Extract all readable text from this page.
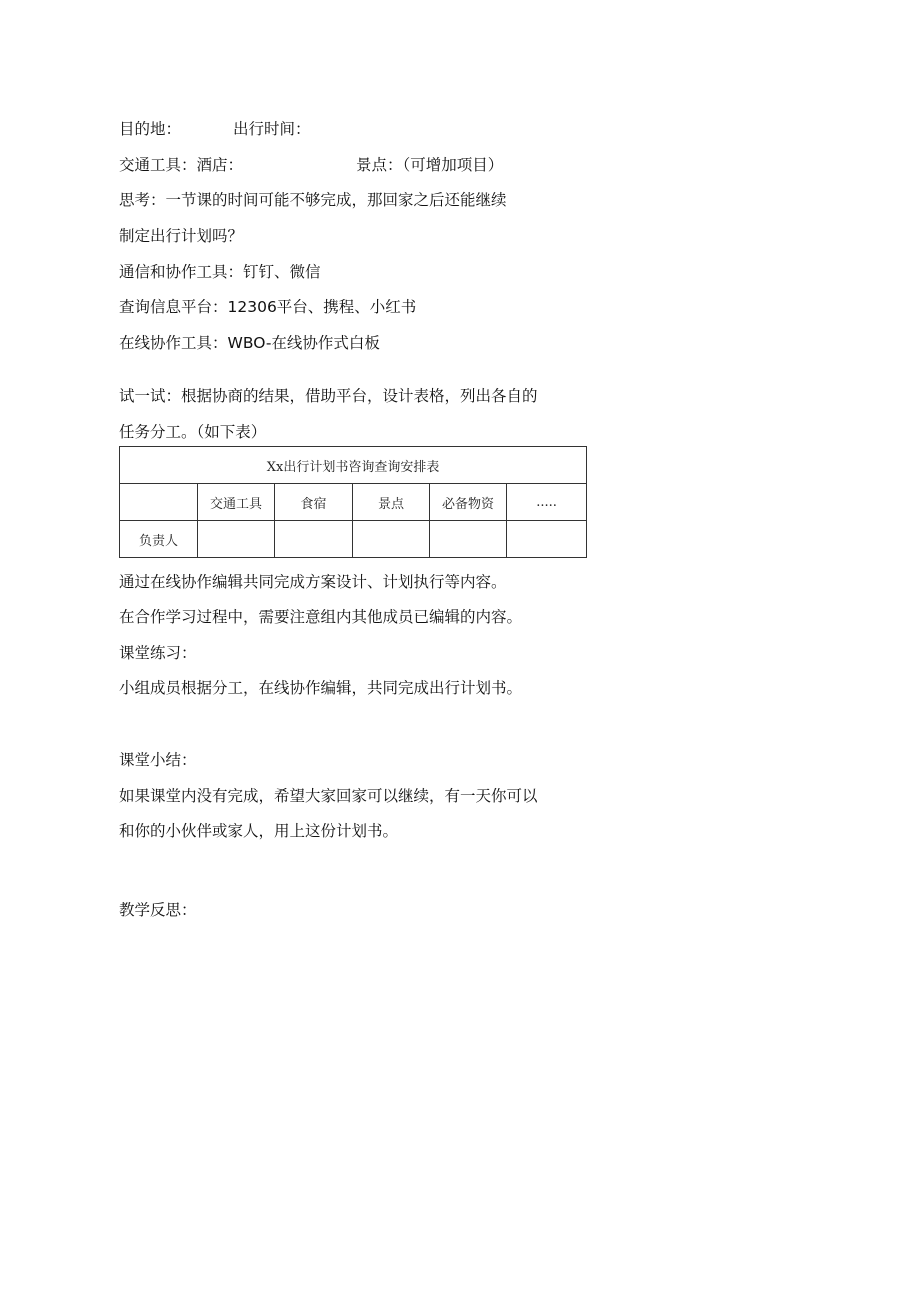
目的地：	出行时间：
交通工具：酒店：	景点：（可增加项目）
思考：一节课的时间可能不够完成，那回家之后还能继续
制定出行计划吗？
通信和协作工具：钉钉、微信
查询信息平台：12306平台、携程、小红书
在线协作工具：WBO-在线协作式白板
试一试：根据协商的结果，借助平台，设计表格，列出各自的
任务分工。（如下表）
Xx出行计划书咨询查询安排表					
	交通工具	食宿	景点	必备物资	.....
负责人					
通过在线协作编辑共同完成方案设计、计划执行等内容。
在合作学习过程中，需要注意组内其他成员已编辑的内容。
课堂练习：
小组成员根据分工，在线协作编辑，共同完成出行计划书。
课堂小结：
如果课堂内没有完成，希望大家回家可以继续，有一天你可以
和你的小伙伴或家人，用上这份计划书。
教学反思：
